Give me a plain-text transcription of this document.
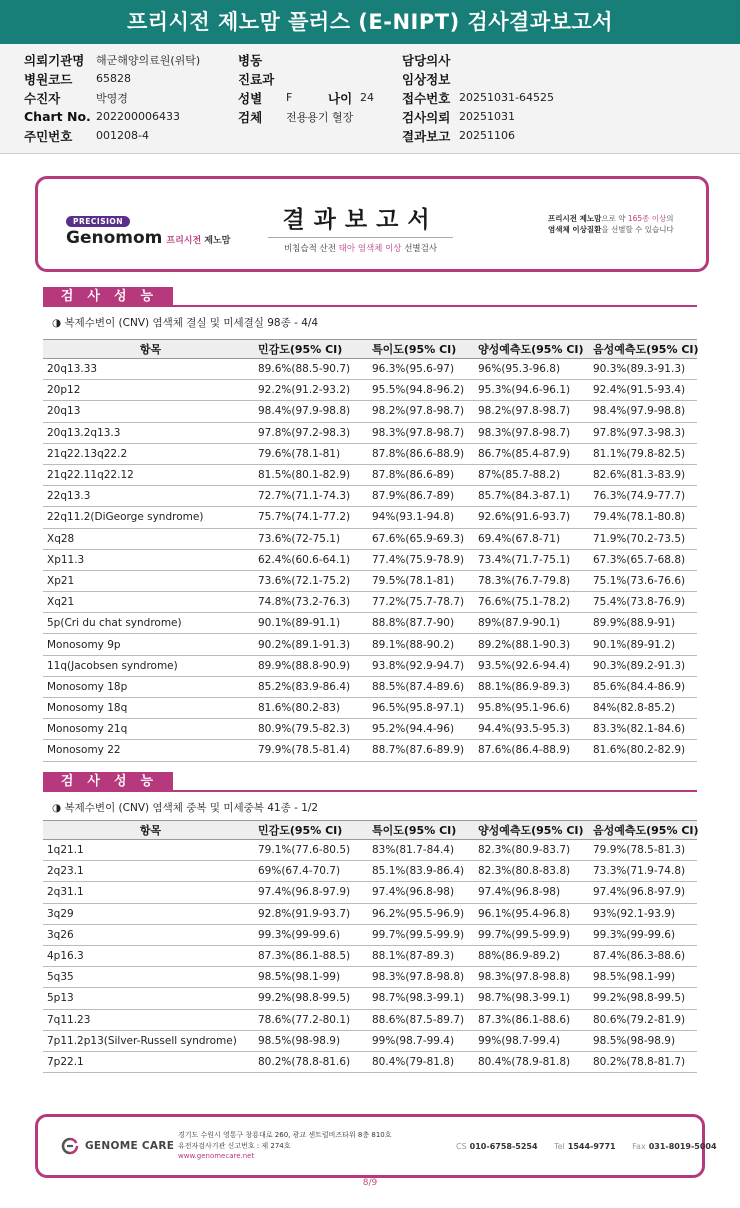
프리시전 제노맘 플러스 (E-NIPT) 검사결과보고서
의뢰기관명	해군해양의료원(위탁)
병원코드	65828
수진자	박영경
Chart No. 202200006433
주민번호	001208-4
병동
진료과
성별	F	나이 24
검체	전용용기 혈장
담당의사
임상정보
접수번호 20251031-64525
검사의뢰 20251031
결과보고 20251106
PRECISION
Genomom 프리시전 제노맘
결과보고서
비침습적 산전 태아 염색체 이상 선별검사
프리시전 제노맘으로 약 165종 이상의
염색체 이상질환을 선별할 수 있습니다
검사성능
◑ 복제수변이 (CNV) 염색체 결실 및 미세결실 98종 - 4/4
항목	민감도(95% CI)	특이도(95% CI)	양성예측도(95% CI)	음성예측도(95% CI)
20q13.33	89.6%(88.5-90.7)	96.3%(95.6-97)	96%(95.3-96.8)	90.3%(89.3-91.3)
20p12	92.2%(91.2-93.2)	95.5%(94.8-96.2)	95.3%(94.6-96.1)	92.4%(91.5-93.4)
20q13	98.4%(97.9-98.8)	98.2%(97.8-98.7)	98.2%(97.8-98.7)	98.4%(97.9-98.8)
20q13.2q13.3	97.8%(97.2-98.3)	98.3%(97.8-98.7)	98.3%(97.8-98.7)	97.8%(97.3-98.3)
21q22.13q22.2	79.6%(78.1-81)	87.8%(86.6-88.9)	86.7%(85.4-87.9)	81.1%(79.8-82.5)
21q22.11q22.12	81.5%(80.1-82.9)	87.8%(86.6-89)	87%(85.7-88.2)	82.6%(81.3-83.9)
22q13.3	72.7%(71.1-74.3)	87.9%(86.7-89)	85.7%(84.3-87.1)	76.3%(74.9-77.7)
22q11.2(DiGeorge syndrome)	75.7%(74.1-77.2)	94%(93.1-94.8)	92.6%(91.6-93.7)	79.4%(78.1-80.8)
Xq28	73.6%(72-75.1)	67.6%(65.9-69.3)	69.4%(67.8-71)	71.9%(70.2-73.5)
Xp11.3	62.4%(60.6-64.1)	77.4%(75.9-78.9)	73.4%(71.7-75.1)	67.3%(65.7-68.8)
Xp21	73.6%(72.1-75.2)	79.5%(78.1-81)	78.3%(76.7-79.8)	75.1%(73.6-76.6)
Xq21	74.8%(73.2-76.3)	77.2%(75.7-78.7)	76.6%(75.1-78.2)	75.4%(73.8-76.9)
5p(Cri du chat syndrome)	90.1%(89-91.1)	88.8%(87.7-90)	89%(87.9-90.1)	89.9%(88.9-91)
Monosomy 9p	90.2%(89.1-91.3)	89.1%(88-90.2)	89.2%(88.1-90.3)	90.1%(89-91.2)
11q(Jacobsen syndrome)	89.9%(88.8-90.9)	93.8%(92.9-94.7)	93.5%(92.6-94.4)	90.3%(89.2-91.3)
Monosomy 18p	85.2%(83.9-86.4)	88.5%(87.4-89.6)	88.1%(86.9-89.3)	85.6%(84.4-86.9)
Monosomy 18q	81.6%(80.2-83)	96.5%(95.8-97.1)	95.8%(95.1-96.6)	84%(82.8-85.2)
Monosomy 21q	80.9%(79.5-82.3)	95.2%(94.4-96)	94.4%(93.5-95.3)	83.3%(82.1-84.6)
Monosomy 22	79.9%(78.5-81.4)	88.7%(87.6-89.9)	87.6%(86.4-88.9)	81.6%(80.2-82.9)
검사성능
◑ 복제수변이 (CNV) 염색체 중복 및 미세중복 41종 - 1/2
항목	민감도(95% CI)	특이도(95% CI)	양성예측도(95% CI)	음성예측도(95% CI)
1q21.1	79.1%(77.6-80.5)	83%(81.7-84.4)	82.3%(80.9-83.7)	79.9%(78.5-81.3)
2q23.1	69%(67.4-70.7)	85.1%(83.9-86.4)	82.3%(80.8-83.8)	73.3%(71.9-74.8)
2q31.1	97.4%(96.8-97.9)	97.4%(96.8-98)	97.4%(96.8-98)	97.4%(96.8-97.9)
3q29	92.8%(91.9-93.7)	96.2%(95.5-96.9)	96.1%(95.4-96.8)	93%(92.1-93.9)
3q26	99.3%(99-99.6)	99.7%(99.5-99.9)	99.7%(99.5-99.9)	99.3%(99-99.6)
4p16.3	87.3%(86.1-88.5)	88.1%(87-89.3)	88%(86.9-89.2)	87.4%(86.3-88.6)
5q35	98.5%(98.1-99)	98.3%(97.8-98.8)	98.3%(97.8-98.8)	98.5%(98.1-99)
5p13	99.2%(98.8-99.5)	98.7%(98.3-99.1)	98.7%(98.3-99.1)	99.2%(98.8-99.5)
7q11.23	78.6%(77.2-80.1)	88.6%(87.5-89.7)	87.3%(86.1-88.6)	80.6%(79.2-81.9)
7p11.2p13(Silver-Russell syndrome)	98.5%(98-98.9)	99%(98.7-99.4)	99%(98.7-99.4)	98.5%(98-98.9)
7p22.1	80.2%(78.8-81.6)	80.4%(79-81.8)	80.4%(78.9-81.8)	80.2%(78.8-81.7)
GENOME CARE
경기도 수원시 영통구 창룡대로 260, 광교 센트럴비즈타워 8층 810호
유전자검사기관 신고번호 : 제 274호
www.genomecare.net
CS 010-6758-5254 Tel 1544-9771 Fax 031-8019-5004
8/9
